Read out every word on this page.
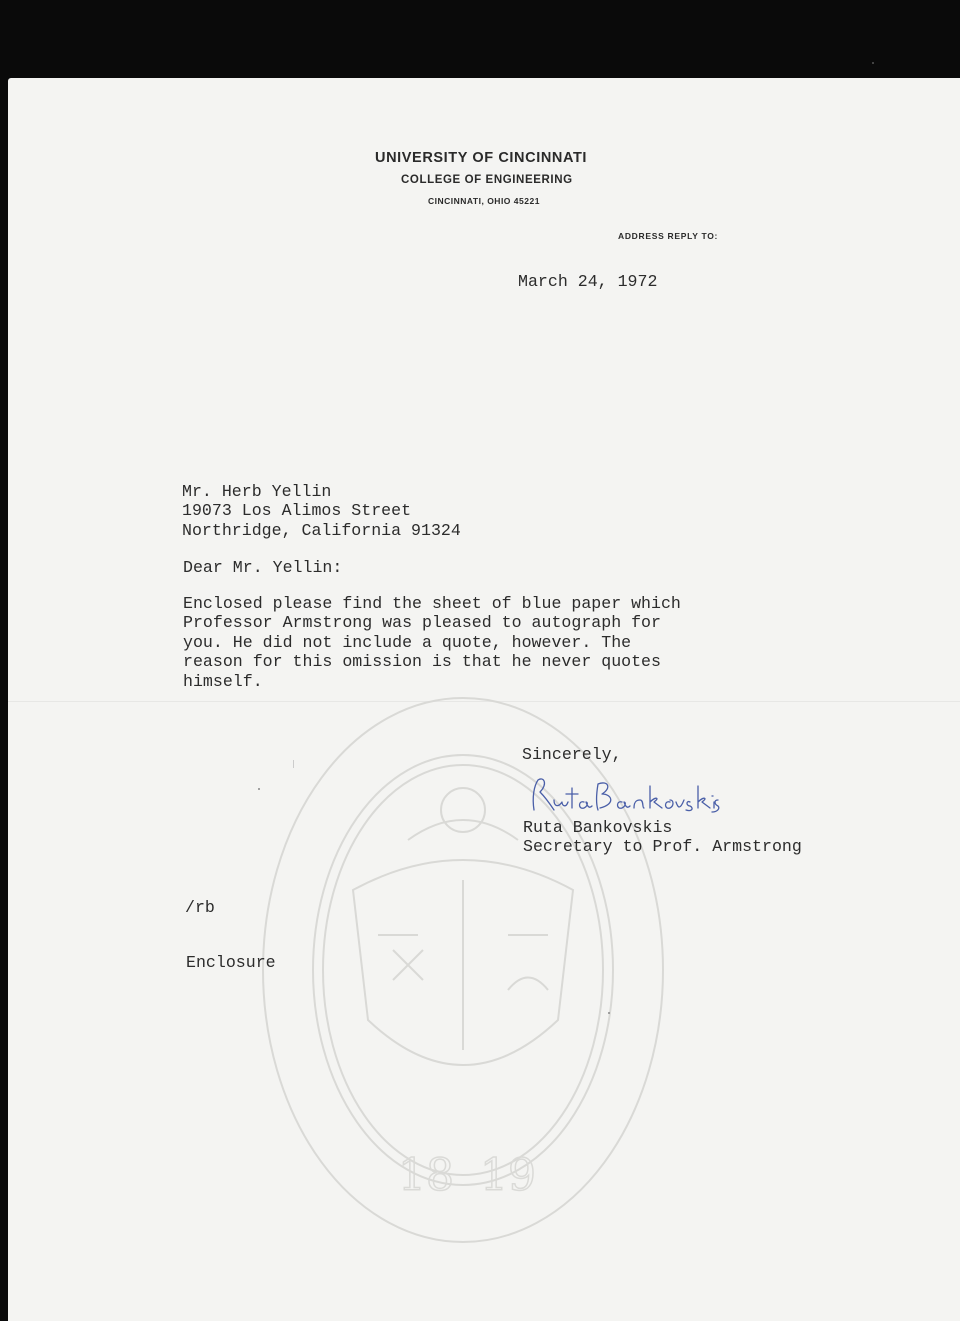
18 19
UNIVERSITY OF CINCINNATI
COLLEGE OF ENGINEERING
CINCINNATI, OHIO 45221
ADDRESS REPLY TO:
March 24, 1972
Mr. Herb Yellin
19073 Los Alimos Street
Northridge, California 91324
Dear Mr. Yellin:
Enclosed please find the sheet of blue paper which
Professor Armstrong was pleased to autograph for
you. He did not include a quote, however. The
reason for this omission is that he never quotes
himself.
Sincerely,
Ruta Bankovskis
Secretary to Prof. Armstrong
/rb
Enclosure
